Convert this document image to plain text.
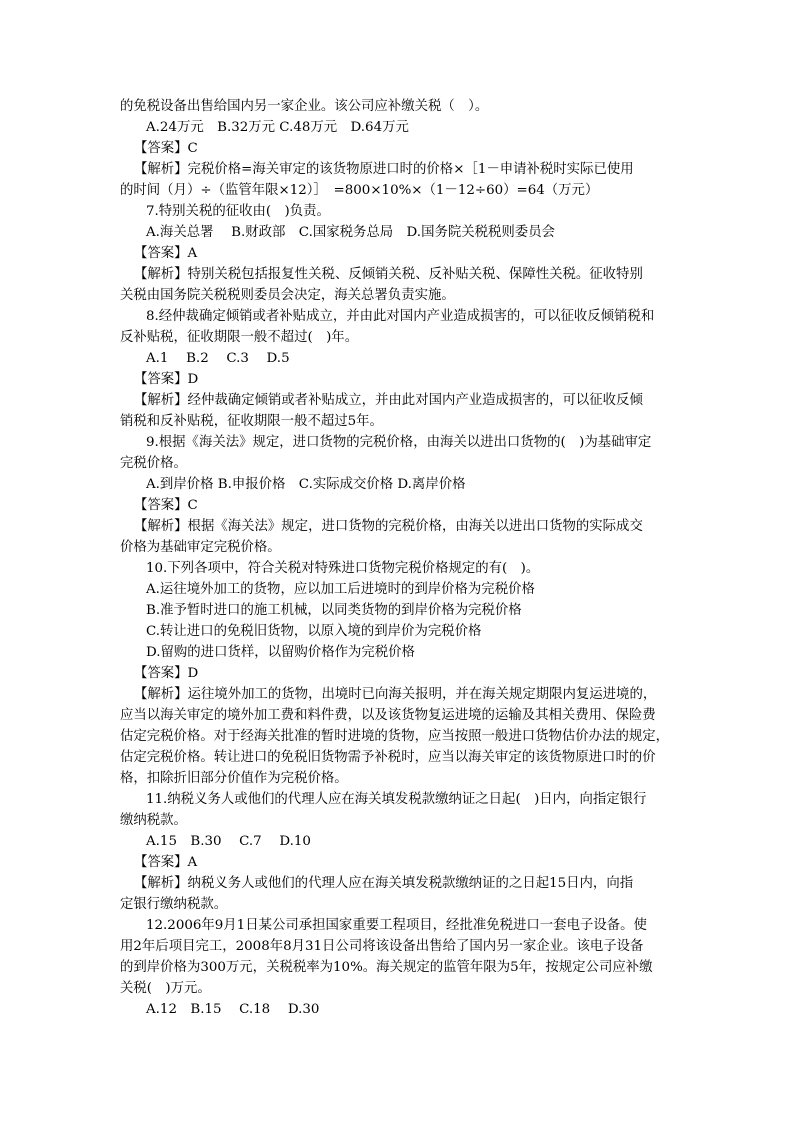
的免税设备出售给国内另一家企业。该公司应补缴关税（　）。
A.24万元　B.32万元 C.48万元　D.64万元
【答案】C
【解析】完税价格=海关审定的该货物原进口时的价格×［1－申请补税时实际已使用
的时间（月）÷（监管年限×12）］　=800×10%×（1－12÷60）=64（万元）
7.特别关税的征收由(　)负责。
A.海关总署　 B.财政部　C.国家税务总局　D.国务院关税税则委员会
【答案】A
【解析】特别关税包括报复性关税、反倾销关税、反补贴关税、保障性关税。征收特别
关税由国务院关税税则委员会决定，海关总署负责实施。
8.经仲裁确定倾销或者补贴成立，并由此对国内产业造成损害的，可以征收反倾销税和
反补贴税，征收期限一般不超过(　)年。
A.1　 B.2　 C.3　 D.5
【答案】D
【解析】经仲裁确定倾销或者补贴成立，并由此对国内产业造成损害的，可以征收反倾
销税和反补贴税，征收期限一般不超过5年。
9.根据《海关法》规定，进口货物的完税价格，由海关以进出口货物的(　)为基础审定
完税价格。
A.到岸价格 B.申报价格　C.实际成交价格 D.离岸价格
【答案】C
【解析】根据《海关法》规定，进口货物的完税价格，由海关以进出口货物的实际成交
价格为基础审定完税价格。
10.下列各项中，符合关税对特殊进口货物完税价格规定的有(　)。
A.运往境外加工的货物，应以加工后进境时的到岸价格为完税价格
B.准予暂时进口的施工机械，以同类货物的到岸价格为完税价格
C.转让进口的免税旧货物，以原入境的到岸价为完税价格
D.留购的进口货样，以留购价格作为完税价格
【答案】D
【解析】运往境外加工的货物，出境时已向海关报明，并在海关规定期限内复运进境的，
应当以海关审定的境外加工费和料件费，以及该货物复运进境的运输及其相关费用、保险费
估定完税价格。对于经海关批准的暂时进境的货物，应当按照一般进口货物估价办法的规定，
估定完税价格。转让进口的免税旧货物需予补税时，应当以海关审定的该货物原进口时的价
格，扣除折旧部分价值作为完税价格。
11.纳税义务人或他们的代理人应在海关填发税款缴纳证之日起(　)日内，向指定银行
缴纳税款。
A.15　B.30　 C.7　 D.10
【答案】A
【解析】纳税义务人或他们的代理人应在海关填发税款缴纳证的之日起15日内，向指
定银行缴纳税款。
12.2006年9月1日某公司承担国家重要工程项目，经批准免税进口一套电子设备。使
用2年后项目完工，2008年8月31日公司将该设备出售给了国内另一家企业。该电子设备
的到岸价格为300万元，关税税率为10%。海关规定的监管年限为5年，按规定公司应补缴
关税(　)万元。
A.12　B.15　 C.18　 D.30
